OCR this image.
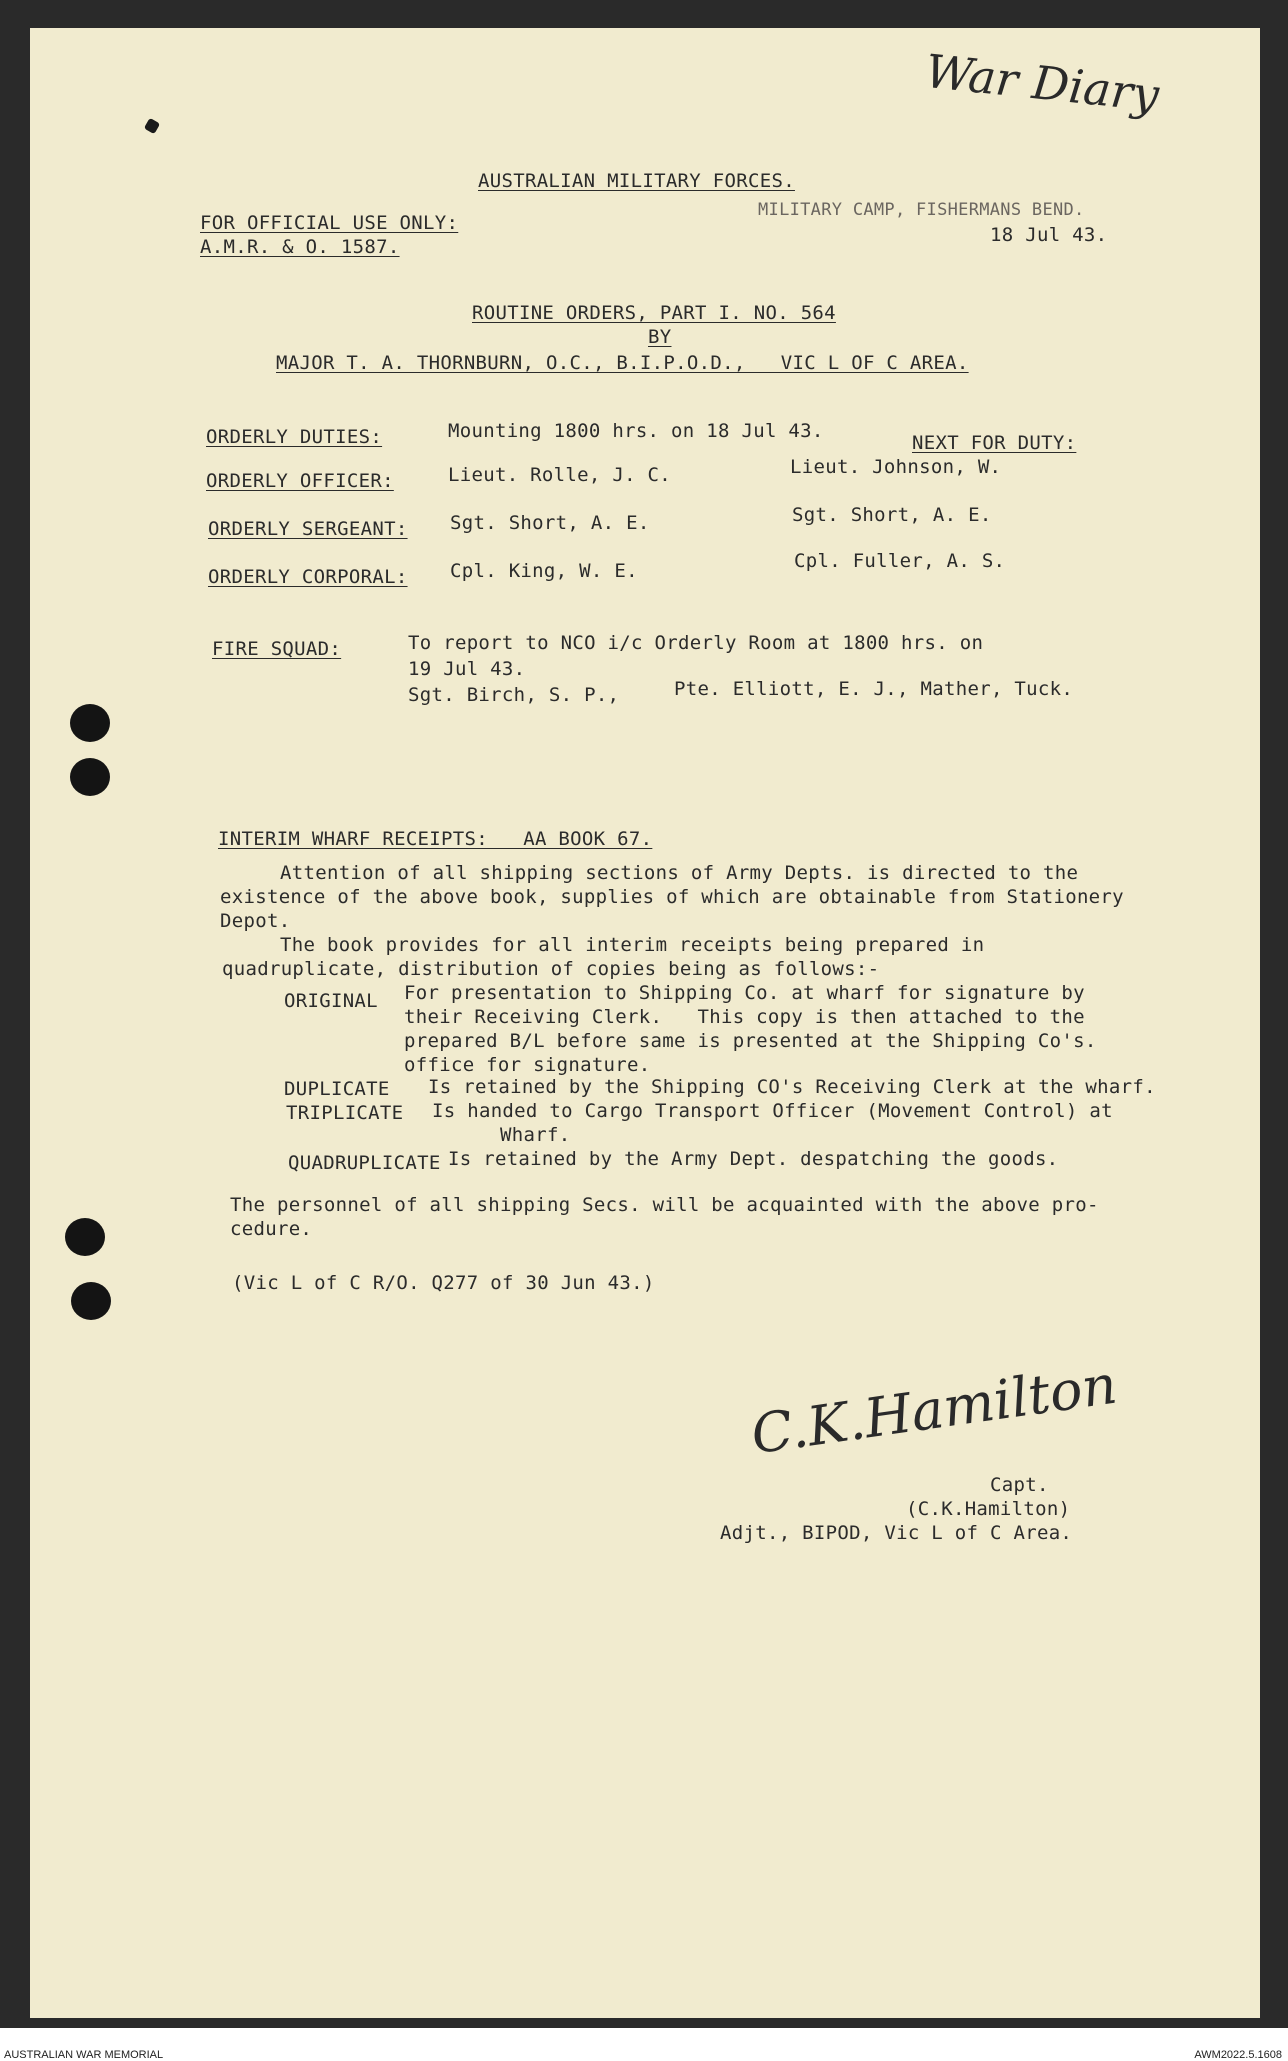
War Diary
AUSTRALIAN MILITARY FORCES.
FOR OFFICIAL USE ONLY:
A.M.R. & O. 1587.
MILITARY CAMP, FISHERMANS BEND.
18 Jul 43.
ROUTINE ORDERS, PART I. NO. 564
BY
MAJOR T. A. THORNBURN, O.C., B.I.P.O.D.,   VIC L OF C AREA.
ORDERLY DUTIES:	Mounting 1800 hrs. on 18 Jul 43.
NEXT FOR DUTY:
ORDERLY OFFICER:	Lieut. Rolle, J. C.	Lieut. Johnson, W.
ORDERLY SERGEANT: Sgt. Short, A. E.	Sgt. Short, A. E.
ORDERLY CORPORAL: Cpl. King, W. E.	Cpl. Fuller, A. S.
FIRE SQUAD:	To report to NCO i/c Orderly Room at 1800 hrs. on
19 Jul 43.
Sgt. Birch, S. P.,	Pte. Elliott, E. J., Mather, Tuck.
INTERIM WHARF RECEIPTS:   AA BOOK 67.
Attention of all shipping sections of Army Depts. is directed to the
existence of the above book, supplies of which are obtainable from Stationery
Depot.
The book provides for all interim receipts being prepared in
quadruplicate, distribution of copies being as follows:-
ORIGINAL For presentation to Shipping Co. at wharf for signature by
their Receiving Clerk.   This copy is then attached to the
prepared B/L before same is presented at the Shipping Co's.
office for signature.
DUPLICATE Is retained by the Shipping CO's Receiving Clerk at the wharf.
TRIPLICATE Is handed to Cargo Transport Officer (Movement Control) at
Wharf.
QUADRUPLICATE Is retained by the Army Dept. despatching the goods.
The personnel of all shipping Secs. will be acquainted with the above pro-
cedure.
(Vic L of C R/O. Q277 of 30 Jun 43.)
C.K.Hamilton
Capt.
(C.K.Hamilton)
Adjt., BIPOD, Vic L of C Area.
AUSTRALIAN WAR MEMORIAL	AWM2022.5.1608
